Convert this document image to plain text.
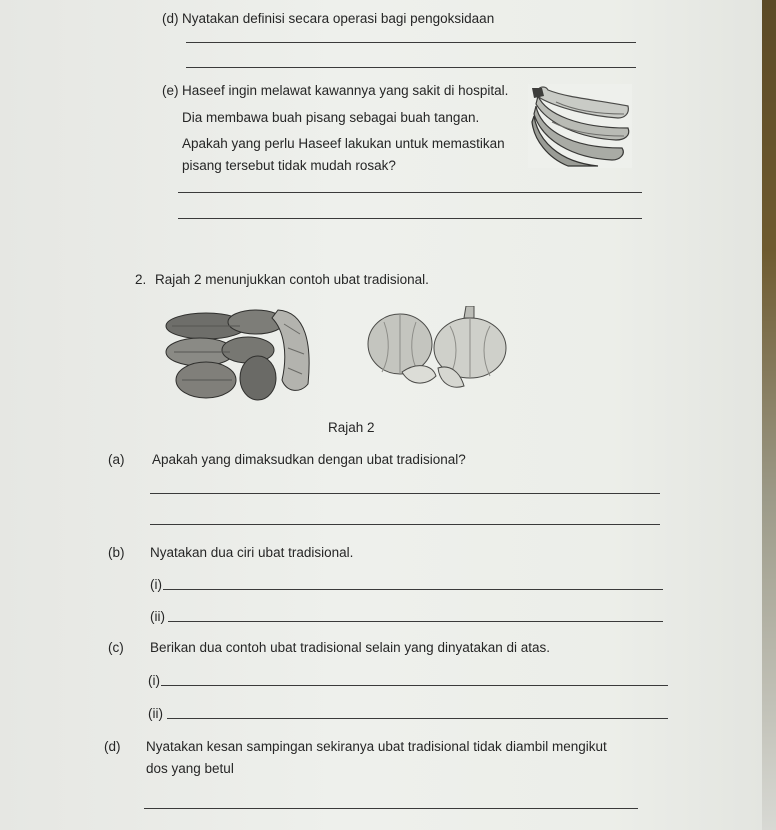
(d) Nyatakan definisi secara operasi bagi pengoksidaan
(e) Haseef ingin melawat kawannya yang sakit di hospital.
Dia membawa buah pisang sebagai buah tangan.
Apakah yang perlu Haseef lakukan untuk memastikan
pisang tersebut tidak mudah rosak?
2. Rajah 2 menunjukkan contoh ubat tradisional.
Rajah 2
(a) Apakah yang dimaksudkan dengan ubat tradisional?
(b) Nyatakan dua ciri ubat tradisional.
(i)
(ii)
(c) Berikan dua contoh ubat tradisional selain yang dinyatakan di atas.
(i)
(ii)
(d) Nyatakan kesan sampingan sekiranya ubat tradisional tidak diambil mengikut
dos yang betul
